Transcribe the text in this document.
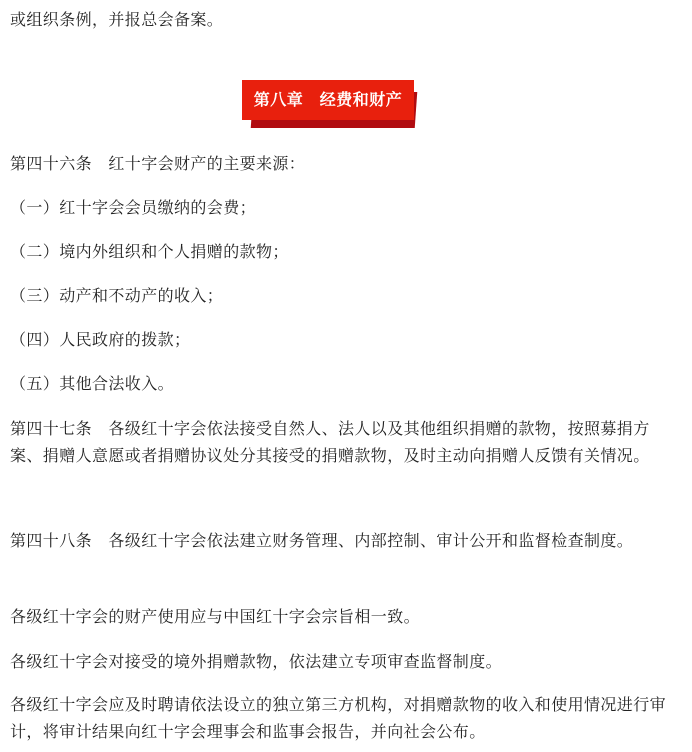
或组织条例，并报总会备案。

第八章　经费和财产

第四十六条　红十字会财产的主要来源：

（一）红十字会会员缴纳的会费；

（二）境内外组织和个人捐赠的款物；

（三）动产和不动产的收入；

（四）人民政府的拨款；

（五）其他合法收入。

第四十七条　各级红十字会依法接受自然人、法人以及其他组织捐赠的款物，按照募捐方案、捐赠人意愿或者捐赠协议处分其接受的捐赠款物，及时主动向捐赠人反馈有关情况。

第四十八条　各级红十字会依法建立财务管理、内部控制、审计公开和监督检查制度。

各级红十字会的财产使用应与中国红十字会宗旨相一致。

各级红十字会对接受的境外捐赠款物，依法建立专项审查监督制度。

各级红十字会应及时聘请依法设立的独立第三方机构，对捐赠款物的收入和使用情况进行审计，将审计结果向红十字会理事会和监事会报告，并向社会公布。
